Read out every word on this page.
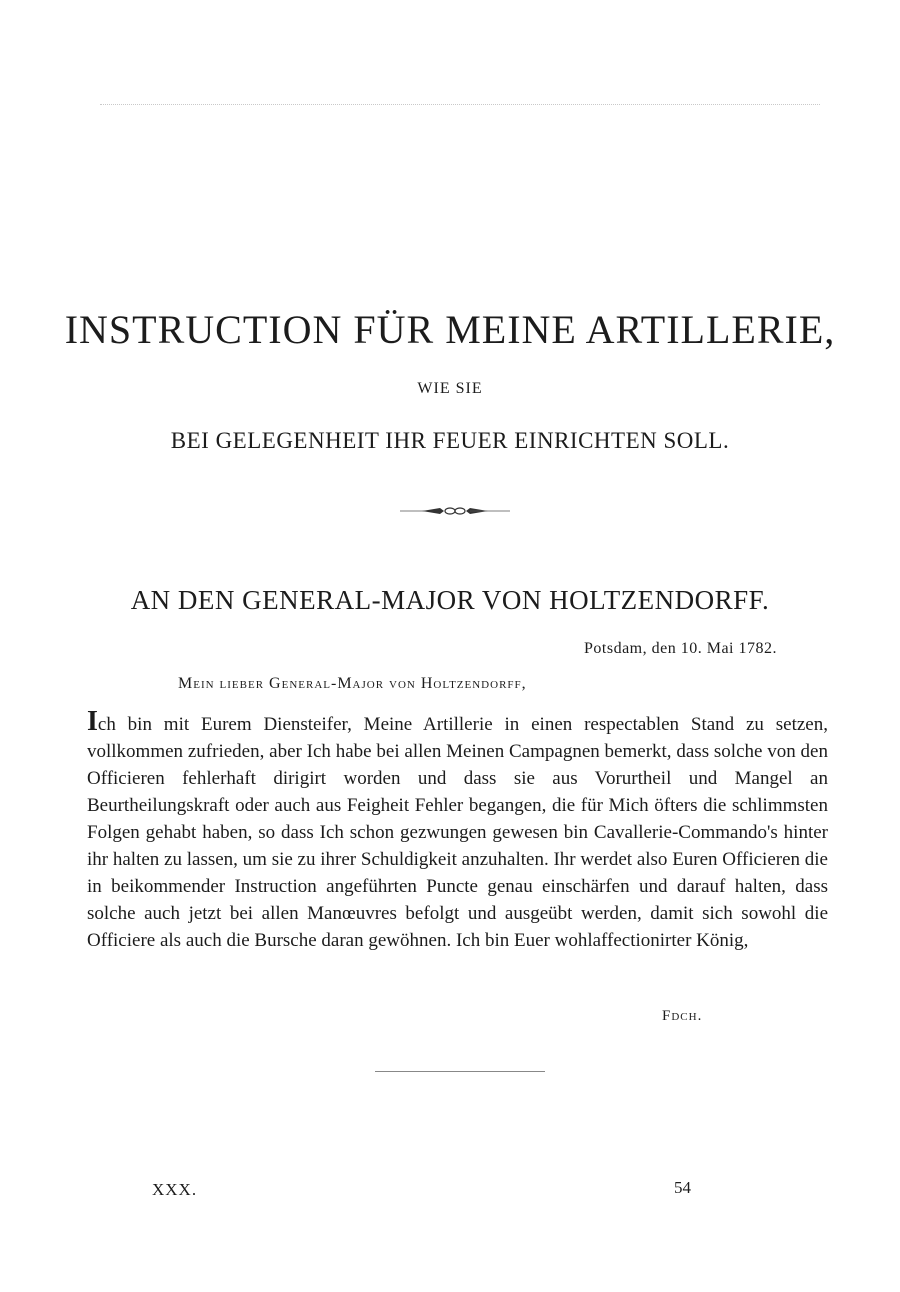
INSTRUCTION FÜR MEINE ARTILLERIE,
WIE SIE
BEI GELEGENHEIT IHR FEUER EINRICHTEN SOLL.
AN DEN GENERAL-MAJOR VON HOLTZENDORFF.
Potsdam, den 10. Mai 1782.
Mein lieber General-Major von Holtzendorff,

Ich bin mit Eurem Diensteifer, Meine Artillerie in einen respectablen Stand zu setzen, vollkommen zufrieden, aber Ich habe bei allen Meinen Campagnen bemerkt, dass solche von den Officieren fehlerhaft dirigirt worden und dass sie aus Vorurtheil und Mangel an Beurtheilungskraft oder auch aus Feigheit Fehler begangen, die für Mich öfters die schlimmsten Folgen gehabt haben, so dass Ich schon gezwungen gewesen bin Cavallerie-Commando's hinter ihr halten zu lassen, um sie zu ihrer Schuldigkeit anzuhalten. Ihr werdet also Euren Officieren die in beikommender Instruction angeführten Puncte genau einschärfen und darauf halten, dass solche auch jetzt bei allen Manœuvres befolgt und ausgeübt werden, damit sich sowohl die Officiere als auch die Bursche daran gewöhnen. Ich bin Euer wohlaffectionirter König,

Fdch.
XXX.	54
